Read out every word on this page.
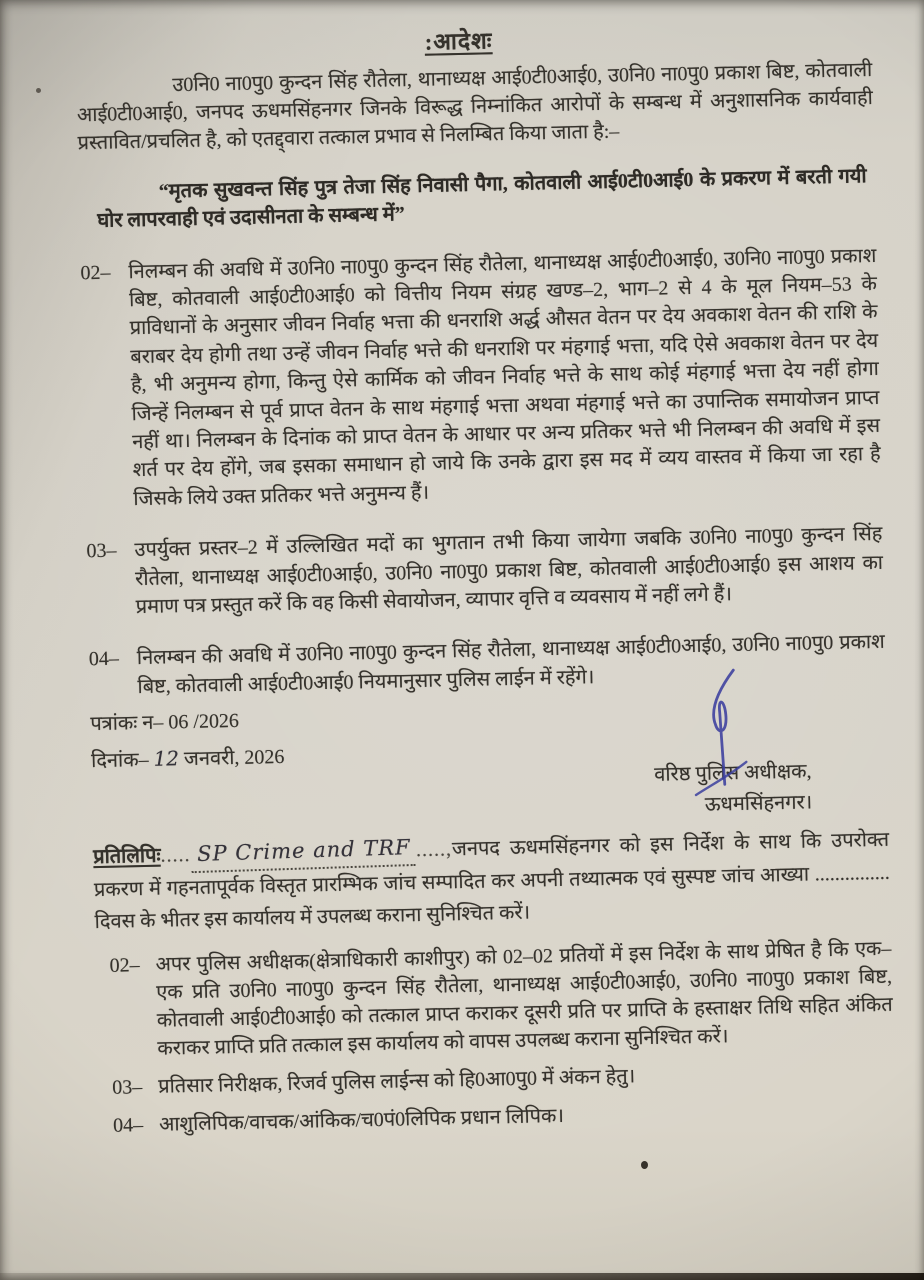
:आदेशः

उ0नि0 ना0पु0 कुन्दन सिंह रौतेला, थानाध्यक्ष आई0टी0आई0, उ0नि0 ना0पु0 प्रकाश बिष्ट, कोतवाली आई0टी0आई0, जनपद ऊधमसिंहनगर जिनके विरूद्ध निम्नांकित आरोपों के सम्बन्ध में अनुशासनिक कार्यवाही प्रस्तावित/प्रचलित है, को एतद्द्वारा तत्काल प्रभाव से निलम्बित किया जाता है:–

“मृतक सुखवन्त सिंह पुत्र तेजा सिंह निवासी पैगा, कोतवाली आई0टी0आई0 के प्रकरण में बरती गयी घोर लापरवाही एवं उदासीनता के सम्बन्ध में”

02– निलम्बन की अवधि में उ0नि0 ना0पु0 कुन्दन सिंह रौतेला, थानाध्यक्ष आई0टी0आई0, उ0नि0 ना0पु0 प्रकाश बिष्ट, कोतवाली आई0टी0आई0 को वित्तीय नियम संग्रह खण्ड–2, भाग–2 से 4 के मूल नियम–53 के प्राविधानों के अनुसार जीवन निर्वाह भत्ता की धनराशि अर्द्ध औसत वेतन पर देय अवकाश वेतन की राशि के बराबर देय होगी तथा उन्हें जीवन निर्वाह भत्ते की धनराशि पर मंहगाई भत्ता, यदि ऐसे अवकाश वेतन पर देय है, भी अनुमन्य होगा, किन्तु ऐसे कार्मिक को जीवन निर्वाह भत्ते के साथ कोई मंहगाई भत्ता देय नहीं होगा जिन्हें निलम्बन से पूर्व प्राप्त वेतन के साथ मंहगाई भत्ता अथवा मंहगाई भत्ते का उपान्तिक समायोजन प्राप्त नहीं था। निलम्बन के दिनांक को प्राप्त वेतन के आधार पर अन्य प्रतिकर भत्ते भी निलम्बन की अवधि में इस शर्त पर देय होंगे, जब इसका समाधान हो जाये कि उनके द्वारा इस मद में व्यय वास्तव में किया जा रहा है जिसके लिये उक्त प्रतिकर भत्ते अनुमन्य हैं।
03– उपर्युक्त प्रस्तर–2 में उल्लिखित मदों का भुगतान तभी किया जायेगा जबकि उ0नि0 ना0पु0 कुन्दन सिंह रौतेला, थानाध्यक्ष आई0टी0आई0, उ0नि0 ना0पु0 प्रकाश बिष्ट, कोतवाली आई0टी0आई0 इस आशय का प्रमाण पत्र प्रस्तुत करें कि वह किसी सेवायोजन, व्यापार वृत्ति व व्यवसाय में नहीं लगे हैं।
04– निलम्बन की अवधि में उ0नि0 ना0पु0 कुन्दन सिंह रौतेला, थानाध्यक्ष आई0टी0आई0, उ0नि0 ना0पु0 प्रकाश बिष्ट, कोतवाली आई0टी0आई0 नियमानुसार पुलिस लाईन में रहेंगे।
पत्रांकः न– 06 /2026
दिनांक– 12 जनवरी, 2026
वरिष्ठ पुलिस अधीक्षक,
ऊधमसिंहनगर।
प्रतिलिपिः..... SP Crime and TRF .....,जनपद ऊधमसिंहनगर को इस निर्देश के साथ कि उपरोक्त प्रकरण में गहनतापूर्वक विस्तृत प्रारम्भिक जांच सम्पादित कर अपनी तथ्यात्मक एवं सुस्पष्ट जांच आख्या ............... दिवस के भीतर इस कार्यालय में उपलब्ध कराना सुनिश्चित करें।
02– अपर पुलिस अधीक्षक(क्षेत्राधिकारी काशीपुर) को 02–02 प्रतियों में इस निर्देश के साथ प्रेषित है कि एक–एक प्रति उ0नि0 ना0पु0 कुन्दन सिंह रौतेला, थानाध्यक्ष आई0टी0आई0, उ0नि0 ना0पु0 प्रकाश बिष्ट, कोतवाली आई0टी0आई0 को तत्काल प्राप्त कराकर दूसरी प्रति पर प्राप्ति के हस्ताक्षर तिथि सहित अंकित कराकर प्राप्ति प्रति तत्काल इस कार्यालय को वापस उपलब्ध कराना सुनिश्चित करें।
03– प्रतिसार निरीक्षक, रिजर्व पुलिस लाईन्स को हि0आ0पु0 में अंकन हेतु।
04– आशुलिपिक/वाचक/आंकिक/च0पं0लिपिक प्रधान लिपिक।
